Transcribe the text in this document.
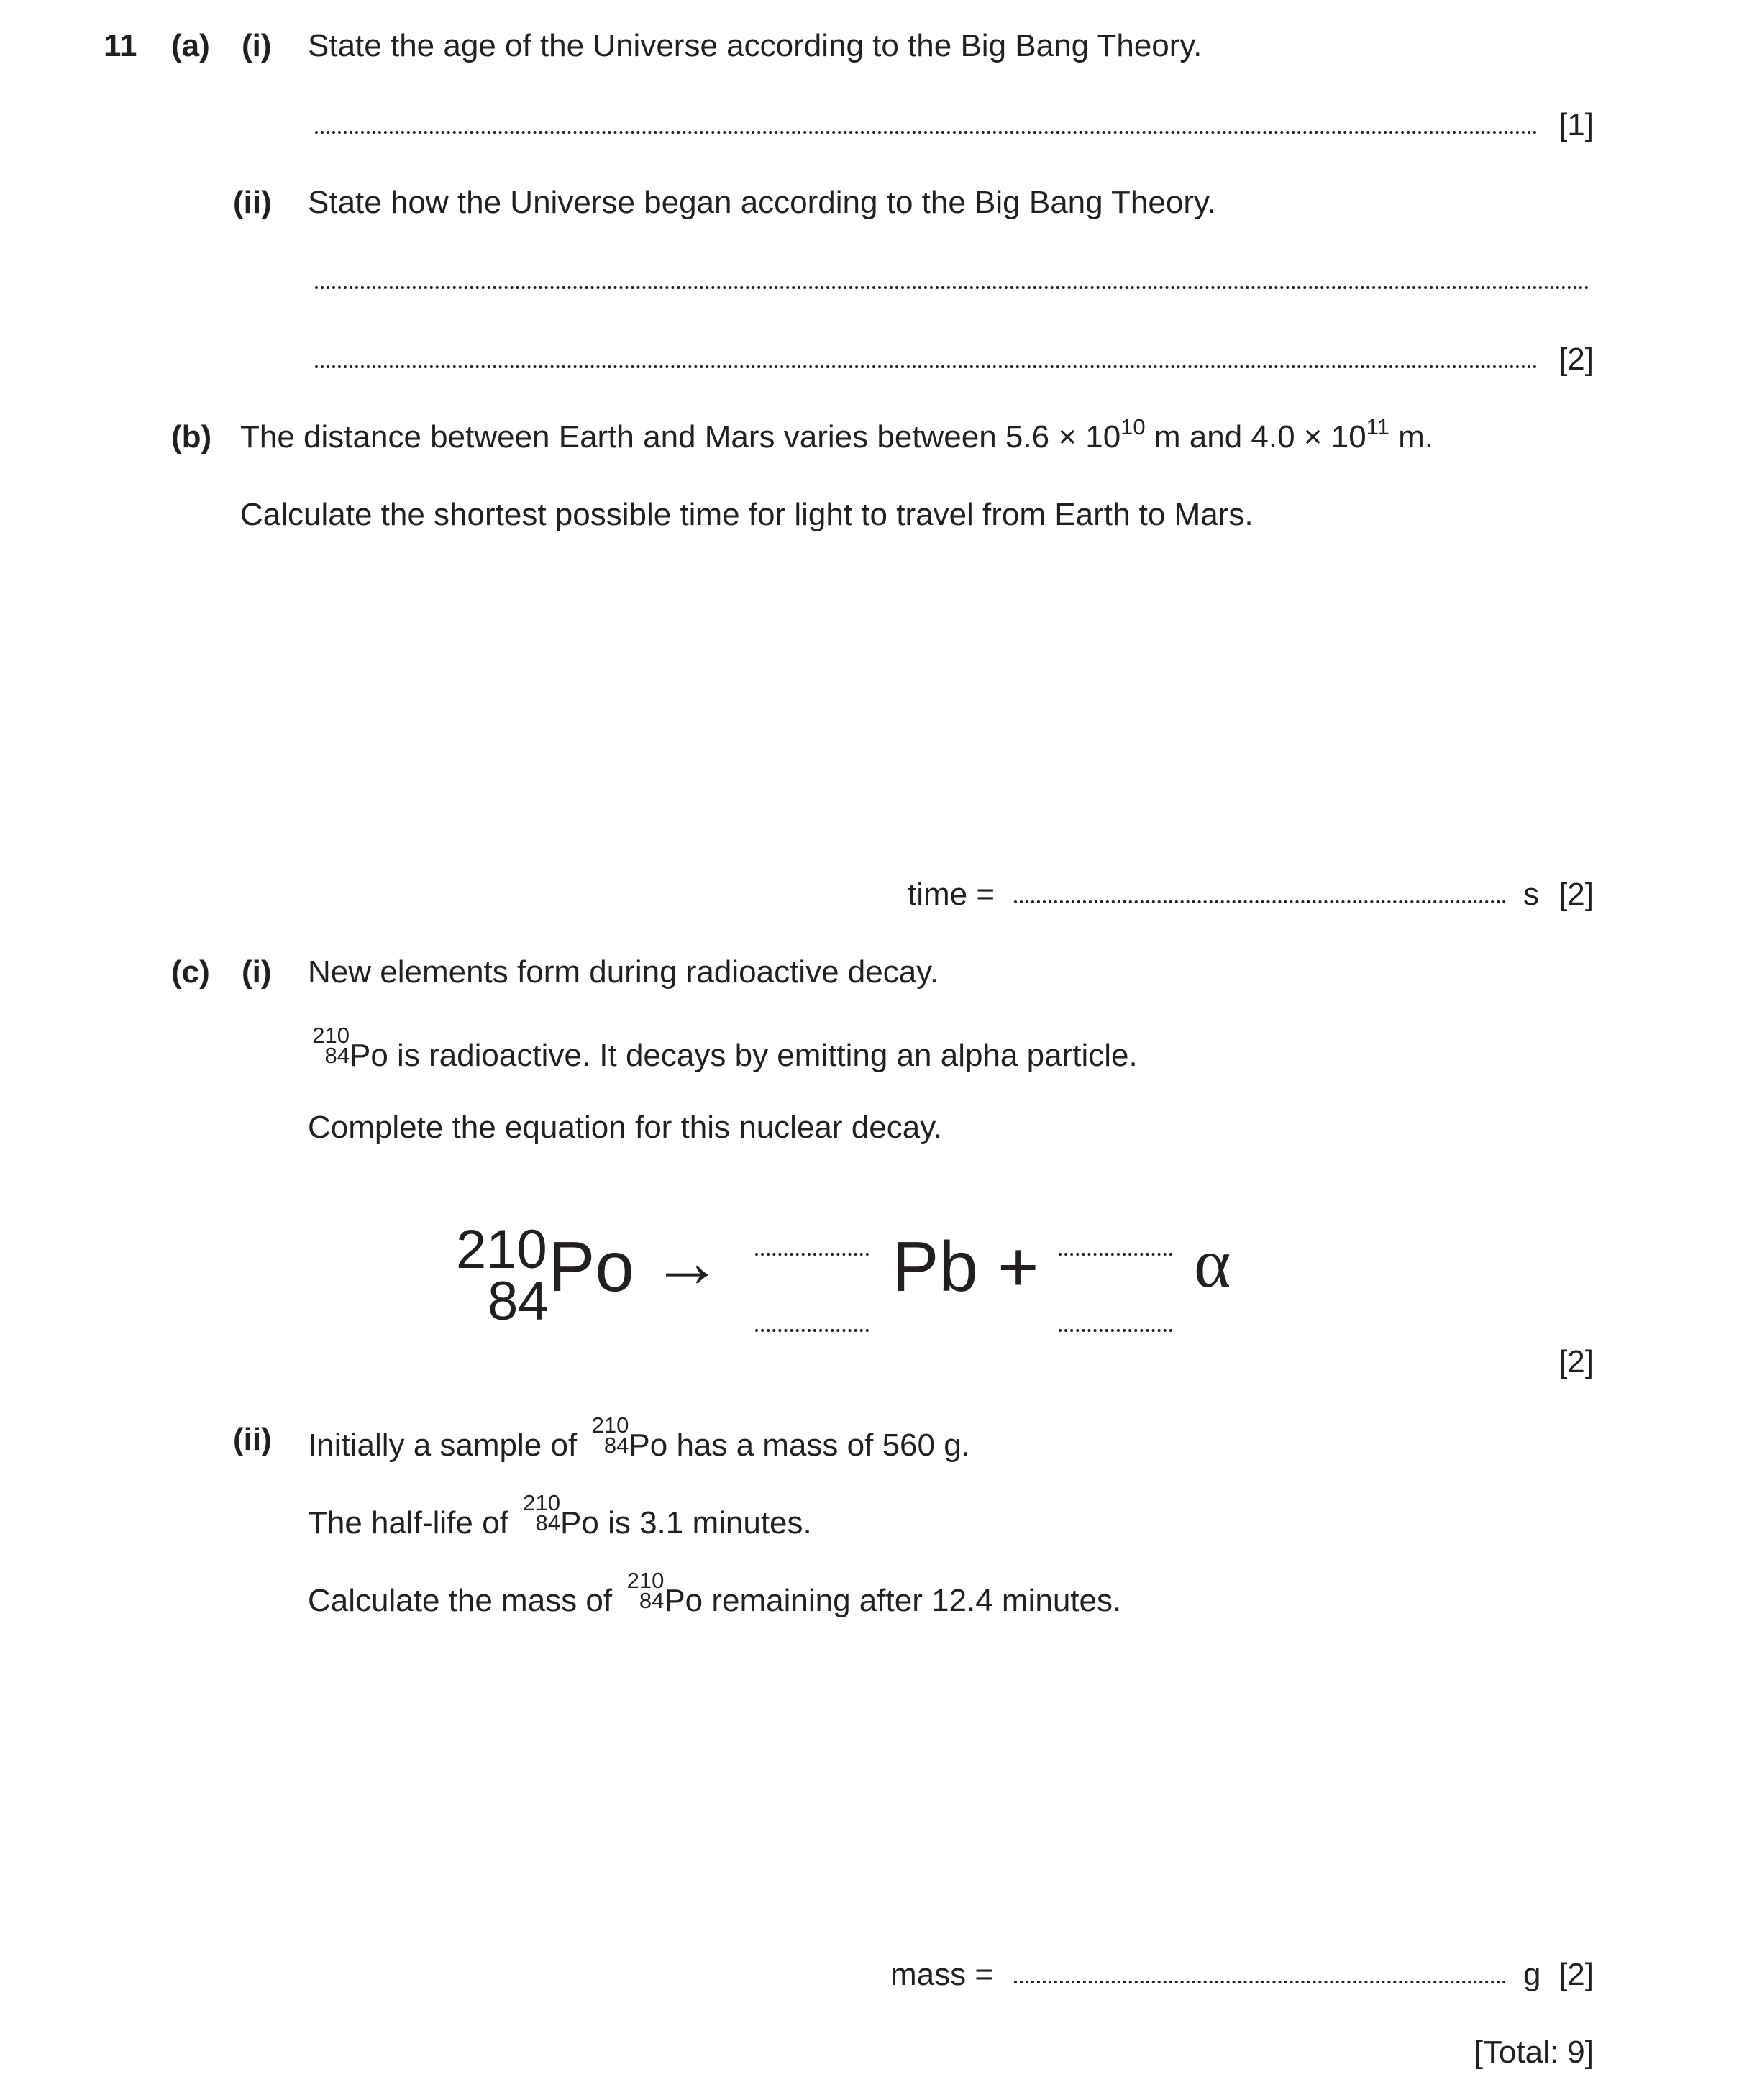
11 (a) (i) State the age of the Universe according to the Big Bang Theory.
[1]
(ii) State how the Universe began according to the Big Bang Theory.
[2]
(b) The distance between Earth and Mars varies between $5.6 \times 10^{10}$ m and $4.0 \times 10^{11}$ m.
Calculate the shortest possible time for light to travel from Earth to Mars.
time =	s [2]
(c) (i) New elements form during radioactive decay.
210
84 Po is radioactive. It decays by emitting an alpha particle.
Complete the equation for this nuclear decay.
210
84 Po → Pb + α
[2]
(ii) Initially a sample of
210
84 Po has a mass of 560 g.
The half-life of
210
84 Po is 3.1 minutes.
Calculate the mass of
210
84 Po remaining after 12.4 minutes.
mass =	g [2]
[Total: 9]
